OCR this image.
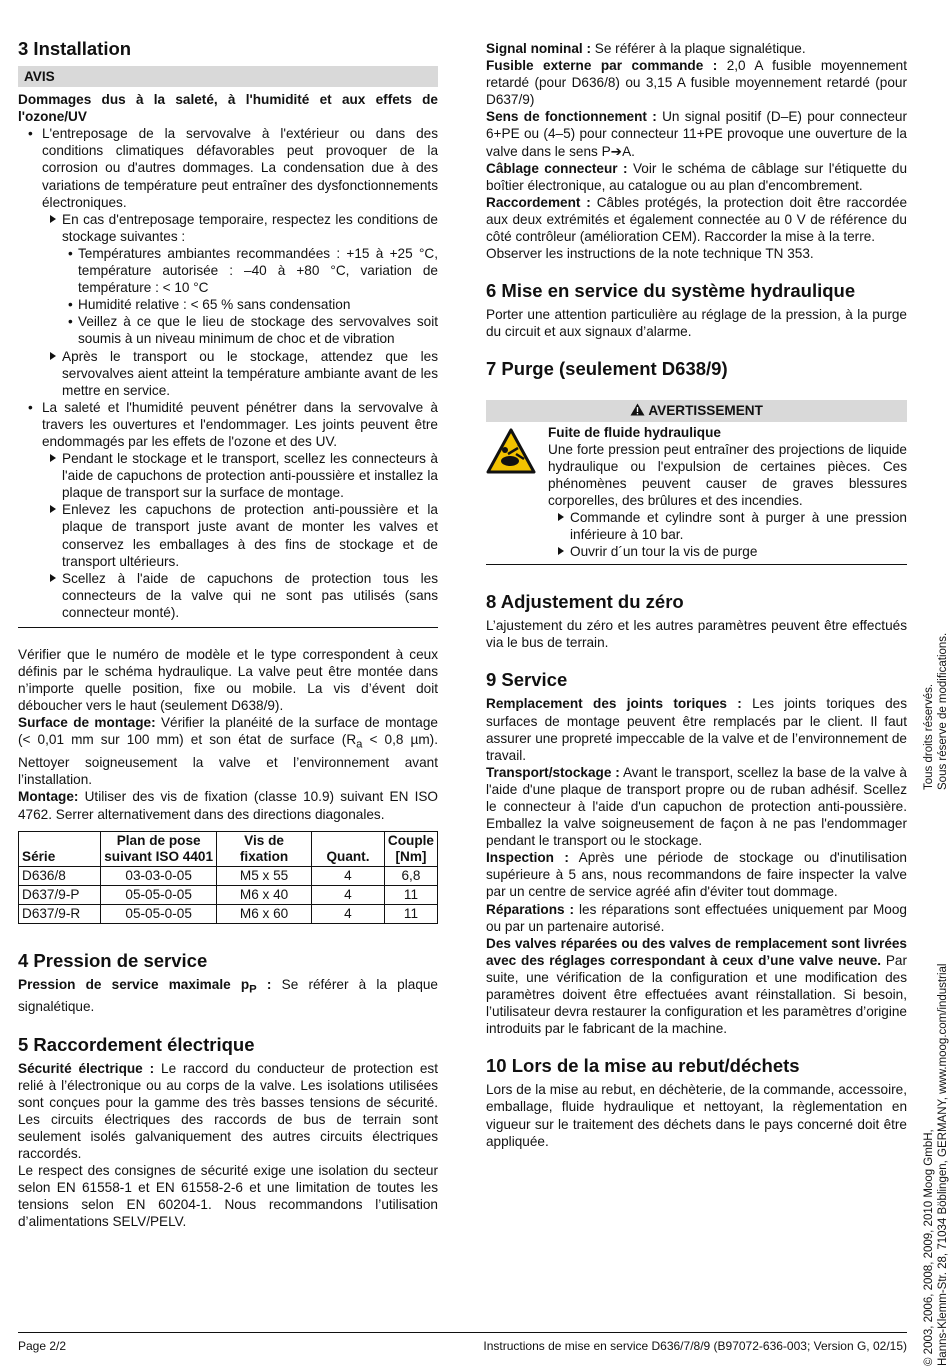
3 Installation
AVIS

Dommages dus à la saleté, à l'humidité et aux effets de l'ozone/UV

• L'entreposage de la servovalve à l'extérieur ou dans des conditions climatiques défavorables peut provoquer de la corrosion ou d'autres dommages. La condensation due à des variations de température peut entraîner des dysfonctionnements électroniques.
En cas d'entreposage temporaire, respectez les conditions de stockage suivantes :
• Températures ambiantes recommandées : +15 à +25 °C, température autorisée : –40 à +80 °C, variation de température : < 10 °C
• Humidité relative : < 65 % sans condensation
• Veillez à ce que le lieu de stockage des servovalves soit soumis à un niveau minimum de choc et de vibration
Après le transport ou le stockage, attendez que les servovalves aient atteint la température ambiante avant de les mettre en service.
• La saleté et l'humidité peuvent pénétrer dans la servovalve à travers les ouvertures et l'endommager. Les joints peuvent être endommagés par les effets de l'ozone et des UV.
Pendant le stockage et le transport, scellez les connecteurs à l'aide de capuchons de protection anti-poussière et installez la plaque de transport sur la surface de montage.
Enlevez les capuchons de protection anti-poussière et la plaque de transport juste avant de monter les valves et conservez les emballages à des fins de stockage et de transport ultérieurs.
Scellez à l'aide de capuchons de protection tous les connecteurs de la valve qui ne sont pas utilisés (sans connecteur monté).

Vérifier que le numéro de modèle et le type correspondent à ceux définis par le schéma hydraulique. La valve peut être montée dans n’importe quelle position, fixe ou mobile. La vis d’évent doit déboucher vers le haut (seulement D638/9).

Surface de montage: Vérifier la planéité de la surface de montage (< 0,01 mm sur 100 mm) et son état de surface ($R_a < 0,8$ µm). Nettoyer soigneusement la valve et l’environnement avant l’installation.

Montage: Utiliser des vis de fixation (classe 10.9) suivant EN ISO 4762. Serrer alternativement dans des directions diagonales.

Série	Plan de pose suivant ISO 4401	Vis de fixation	Quant.	Couple [Nm]
D636/8	03-03-0-05	M5 x 55	4	6,8
D637/9-P	05-05-0-05	M6 x 40	4	11
D637/9-R	05-05-0-05	M6 x 60	4	11
4 Pression de service

Pression de service maximale $p_P$ : Se référer à la plaque signalétique.

5 Raccordement électrique

Sécurité électrique : Le raccord du conducteur de protection est relié à l’électronique ou au corps de la valve. Les isolations utilisées sont conçues pour la gamme des très basses tensions de sécurité. Les circuits électriques des raccords de bus de terrain sont seulement isolés galvaniquement des autres circuits électriques raccordés.

Le respect des consignes de sécurité exige une isolation du secteur selon EN 61558-1 et EN 61558-2-6 et une limitation de toutes les tensions selon EN 60204-1. Nous recommandons l’utilisation d’alimentations SELV/PELV.

Signal nominal : Se référer à la plaque signalétique.

Fusible externe par commande : 2,0 A fusible moyennement retardé (pour D636/8) ou 3,15 A fusible moyennement retardé (pour D637/9)

Sens de fonctionnement : Un signal positif (D–E) pour connecteur 6+PE ou (4–5) pour connecteur 11+PE provoque une ouverture de la valve dans le sens P➔A.

Câblage connecteur : Voir le schéma de câblage sur l'étiquette du boîtier électronique, au catalogue ou au plan d'encombrement.

Raccordement : Câbles protégés, la protection doit être raccordée aux deux extrémités et également connectée au 0 V de référence du côté contrôleur (amélioration CEM). Raccorder la mise à la terre.

Observer les instructions de la note technique TN 353.

6 Mise en service du système hydraulique

Porter une attention particulière au réglage de la pression, à la purge du circuit et aux signaux d’alarme.

7 Purge (seulement D638/9)
AVERTISSEMENT

Fuite de fluide hydraulique

Une forte pression peut entraîner des projections de liquide hydraulique ou l'expulsion de certaines pièces. Ces phénomènes peuvent causer de graves blessures corporelles, des brûlures et des incendies.

Commande et cylindre sont à purger à une pression inférieure à 10 bar.
Ouvrir d´un tour la vis de purge
8 Adjustement du zéro

L’ajustement du zéro et les autres paramètres peuvent être effectués via le bus de terrain.

9 Service

Remplacement des joints toriques : Les joints toriques des surfaces de montage peuvent être remplacés par le client. Il faut assurer une propreté impeccable de la valve et de l’environnement de travail.

Transport/stockage : Avant le transport, scellez la base de la valve à l'aide d'une plaque de transport propre ou de ruban adhésif. Scellez le connecteur à l'aide d'un capuchon de protection anti-poussière. Emballez la valve soigneusement de façon à ne pas l'endommager pendant le transport ou le stockage.

Inspection : Après une période de stockage ou d'inutilisation supérieure à 5 ans, nous recommandons de faire inspecter la valve par un centre de service agréé afin d'éviter tout dommage.

Réparations : les réparations sont effectuées uniquement par Moog ou par un partenaire autorisé.

Des valves réparées ou des valves de remplacement sont livrées avec des réglages correspondant à ceux d’une valve neuve. Par suite, une vérification de la configuration et une modification des paramètres doivent être effectuées avant réinstallation. Si besoin, l’utilisateur devra restaurer la configuration et les paramètres d’origine introduits par le fabricant de la machine.

10 Lors de la mise au rebut/déchets

Lors de la mise au rebut, en déchèterie, de la commande, accessoire, emballage, fluide hydraulique et nettoyant, la règlementation en vigueur sur le traitement des déchets dans le pays concerné doit être appliquée.

Tous droits réservés. Sous réserve de modifications.
© 2003, 2006, 2008, 2009, 2010 Moog GmbH, Hanns-Klemm-Str. 28, 71034 Böblingen, GERMANY, www.moog.com/industrial
Page 2/2	Instructions de mise en service D636/7/8/9 (B97072-636-003; Version G, 02/15)
